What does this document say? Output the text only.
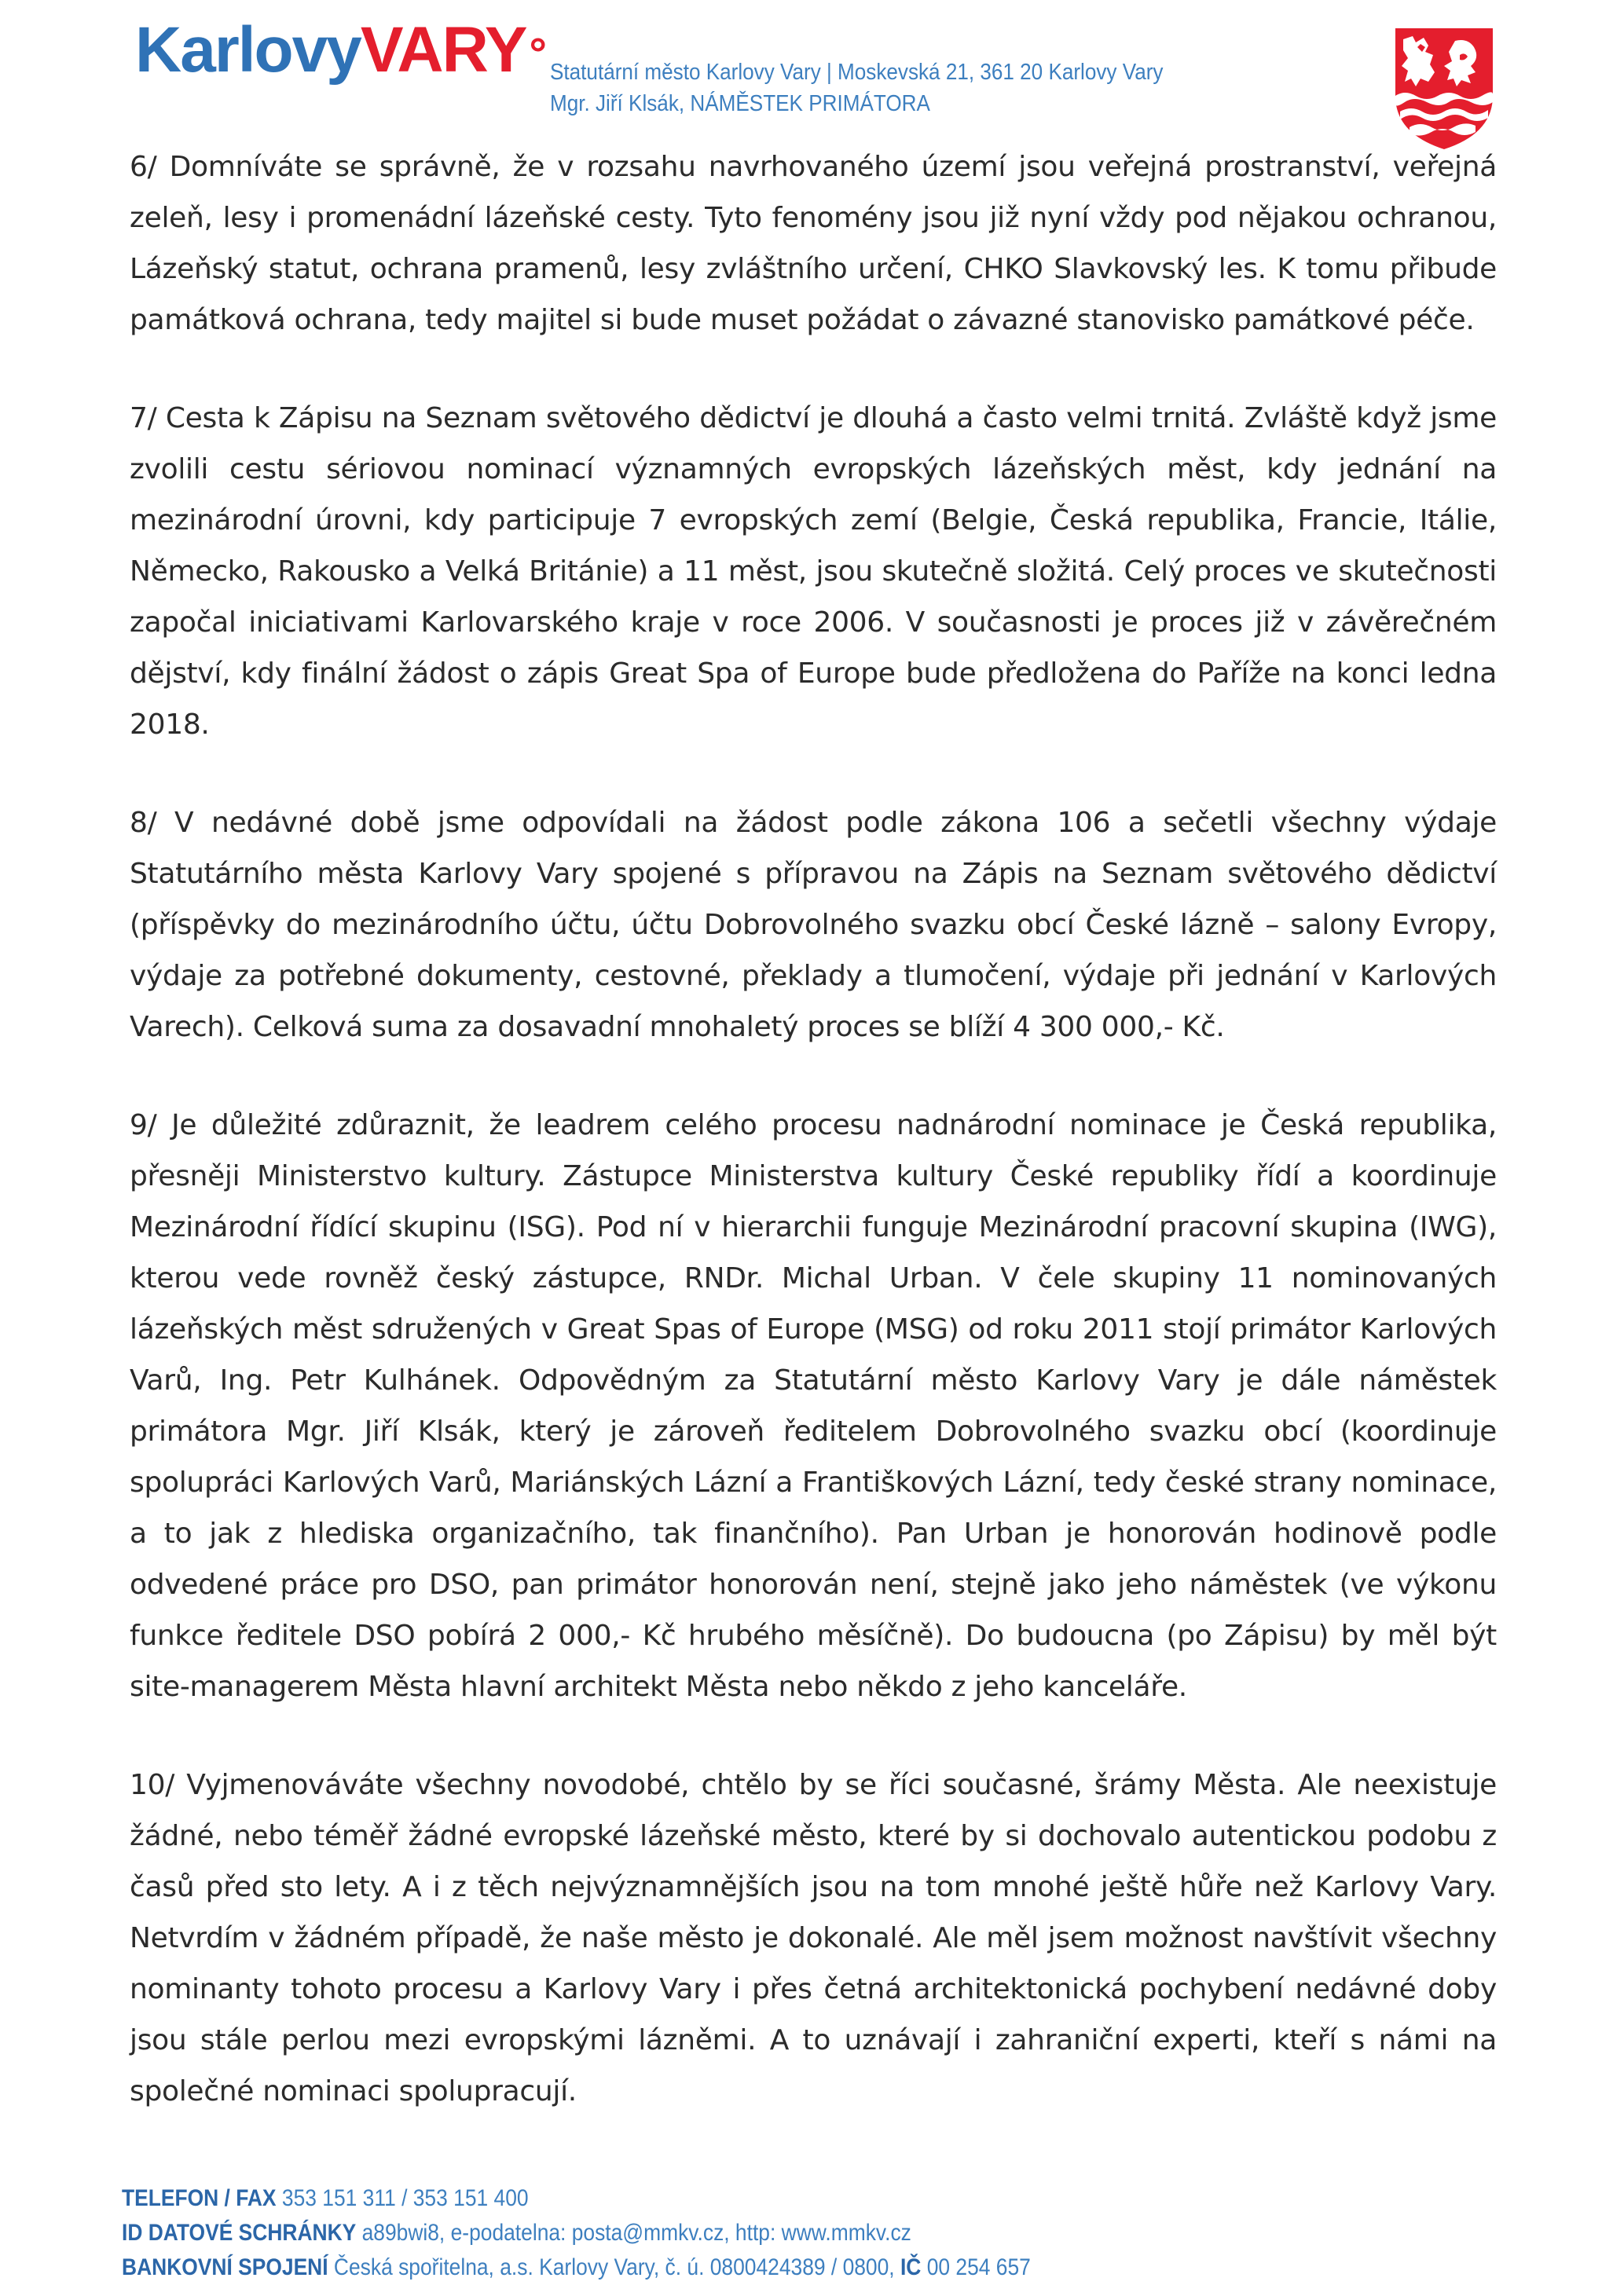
KarlovyVARY° Statutární město Karlovy Vary | Moskevská 21, 361 20 Karlovy Vary
Mgr. Jiří Klsák, NÁMĚSTEK PRIMÁTORA

6/ Domníváte se správně, že v rozsahu navrhovaného území jsou veřejná prostranství, veřejná zeleň, lesy i promenádní lázeňské cesty. Tyto fenomény jsou již nyní vždy pod nějakou ochranou, Lázeňský statut, ochrana pramenů, lesy zvláštního určení, CHKO Slavkovský les. K tomu přibude památková ochrana, tedy majitel si bude muset požádat o závazné stanovisko památkové péče.

7/ Cesta k Zápisu na Seznam světového dědictví je dlouhá a často velmi trnitá. Zvláště když jsme zvolili cestu sériovou nominací významných evropských lázeňských měst, kdy jednání na mezinárodní úrovni, kdy participuje 7 evropských zemí (Belgie, Česká republika, Francie, Itálie, Německo, Rakousko a Velká Británie) a 11 měst, jsou skutečně složitá. Celý proces ve skutečnosti započal iniciativami Karlovarského kraje v roce 2006. V současnosti je proces již v závěrečném dějství, kdy finální žádost o zápis Great Spa of Europe bude předložena do Paříže na konci ledna 2018.

8/ V nedávné době jsme odpovídali na žádost podle zákona 106 a sečetli všechny výdaje Statutárního města Karlovy Vary spojené s přípravou na Zápis na Seznam světového dědictví (příspěvky do mezinárodního účtu, účtu Dobrovolného svazku obcí České lázně – salony Evropy, výdaje za potřebné dokumenty, cestovné, překlady a tlumočení, výdaje při jednání v Karlových Varech). Celková suma za dosavadní mnohaletý proces se blíží 4 300 000,- Kč.

9/ Je důležité zdůraznit, že leadrem celého procesu nadnárodní nominace je Česká republika, přesněji Ministerstvo kultury. Zástupce Ministerstva kultury České republiky řídí a koordinuje Mezinárodní řídící skupinu (ISG). Pod ní v hierarchii funguje Mezinárodní pracovní skupina (IWG), kterou vede rovněž český zástupce, RNDr. Michal Urban. V čele skupiny 11 nominovaných lázeňských měst sdružených v Great Spas of Europe (MSG) od roku 2011 stojí primátor Karlových Varů, Ing. Petr Kulhánek. Odpovědným za Statutární město Karlovy Vary je dále náměstek primátora Mgr. Jiří Klsák, který je zároveň ředitelem Dobrovolného svazku obcí (koordinuje spolupráci Karlových Varů, Mariánských Lázní a Františkových Lázní, tedy české strany nominace, a to jak z hlediska organizačního, tak finančního). Pan Urban je honorován hodinově podle odvedené práce pro DSO, pan primátor honorován není, stejně jako jeho náměstek (ve výkonu funkce ředitele DSO pobírá 2 000,- Kč hrubého měsíčně). Do budoucna (po Zápisu) by měl být site-managerem Města hlavní architekt Města nebo někdo z jeho kanceláře.

10/ Vyjmenováváte všechny novodobé, chtělo by se říci současné, šrámy Města. Ale neexistuje žádné, nebo téměř žádné evropské lázeňské město, které by si dochovalo autentickou podobu z časů před sto lety. A i z těch nejvýznamnějších jsou na tom mnohé ještě hůře než Karlovy Vary. Netvrdím v žádném případě, že naše město je dokonalé. Ale měl jsem možnost navštívit všechny nominanty tohoto procesu a Karlovy Vary i přes četná architektonická pochybení nedávné doby jsou stále perlou mezi evropskými lázněmi. A to uznávají i zahraniční experti, kteří s námi na společné nominaci spolupracují.

TELEFON / FAX 353 151 311 / 353 151 400
ID DATOVÉ SCHRÁNKY a89bwi8, e-podatelna: posta@mmkv.cz, http: www.mmkv.cz
BANKOVNÍ SPOJENÍ Česká spořitelna, a.s. Karlovy Vary, č. ú. 0800424389 / 0800, IČ 00 254 657
